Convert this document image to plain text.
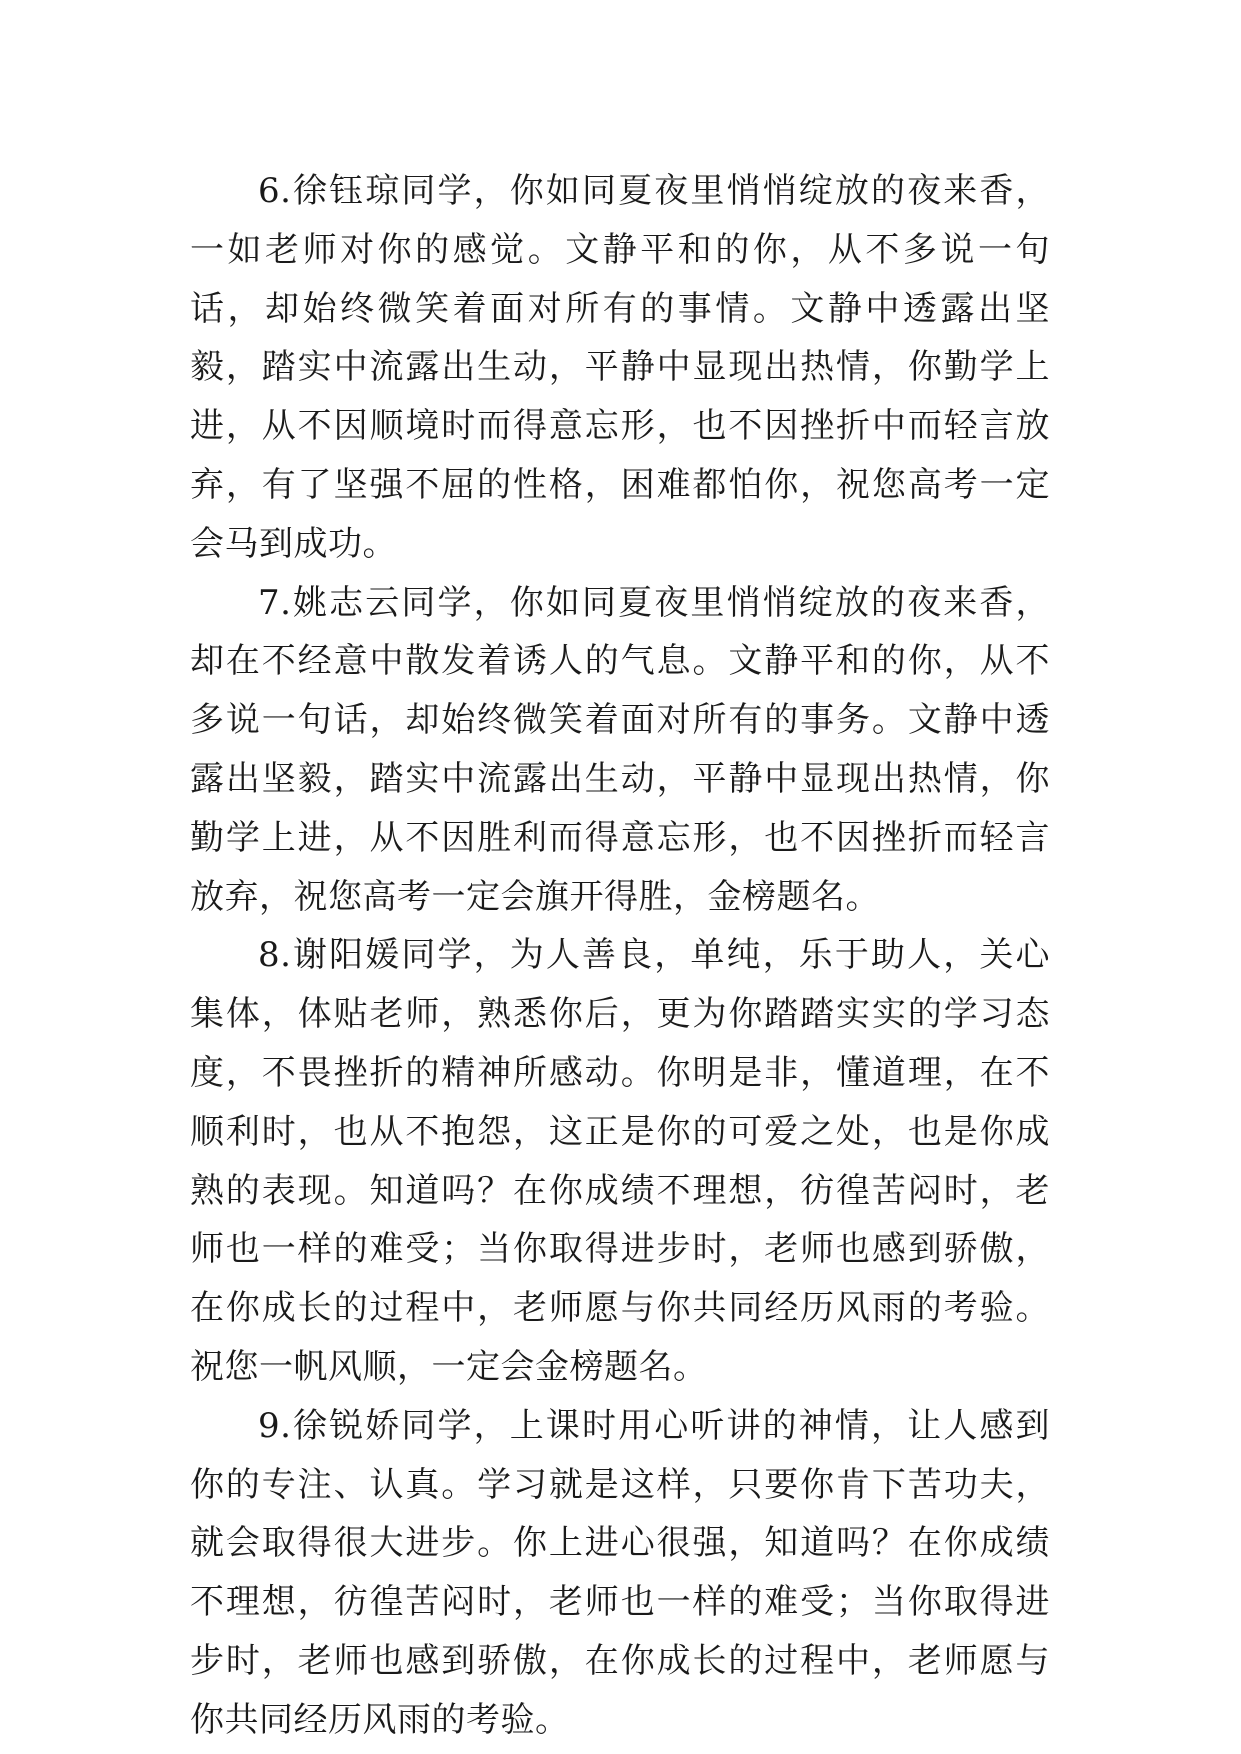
6.徐钰琼同学，你如同夏夜里悄悄绽放的夜来香，一如老师对你的感觉。文静平和的你，从不多说一句话，却始终微笑着面对所有的事情。文静中透露出坚毅，踏实中流露出生动，平静中显现出热情，你勤学上进，从不因顺境时而得意忘形，也不因挫折中而轻言放弃，有了坚强不屈的性格，困难都怕你，祝您高考一定会马到成功。

7.姚志云同学，你如同夏夜里悄悄绽放的夜来香，却在不经意中散发着诱人的气息。文静平和的你，从不多说一句话，却始终微笑着面对所有的事务。文静中透露出坚毅，踏实中流露出生动，平静中显现出热情，你勤学上进，从不因胜利而得意忘形，也不因挫折而轻言放弃，祝您高考一定会旗开得胜，金榜题名。

8.谢阳媛同学，为人善良，单纯，乐于助人，关心集体，体贴老师，熟悉你后，更为你踏踏实实的学习态度，不畏挫折的精神所感动。你明是非，懂道理，在不顺利时，也从不抱怨，这正是你的可爱之处，也是你成熟的表现。知道吗？在你成绩不理想，彷徨苦闷时，老师也一样的难受；当你取得进步时，老师也感到骄傲，在你成长的过程中，老师愿与你共同经历风雨的考验。祝您一帆风顺，一定会金榜题名。

9.徐锐娇同学，上课时用心听讲的神情，让人感到你的专注、认真。学习就是这样，只要你肯下苦功夫，就会取得很大进步。你上进心很强，知道吗？在你成绩不理想，彷徨苦闷时，老师也一样的难受；当你取得进步时，老师也感到骄傲，在你成长的过程中，老师愿与你共同经历风雨的考验。
